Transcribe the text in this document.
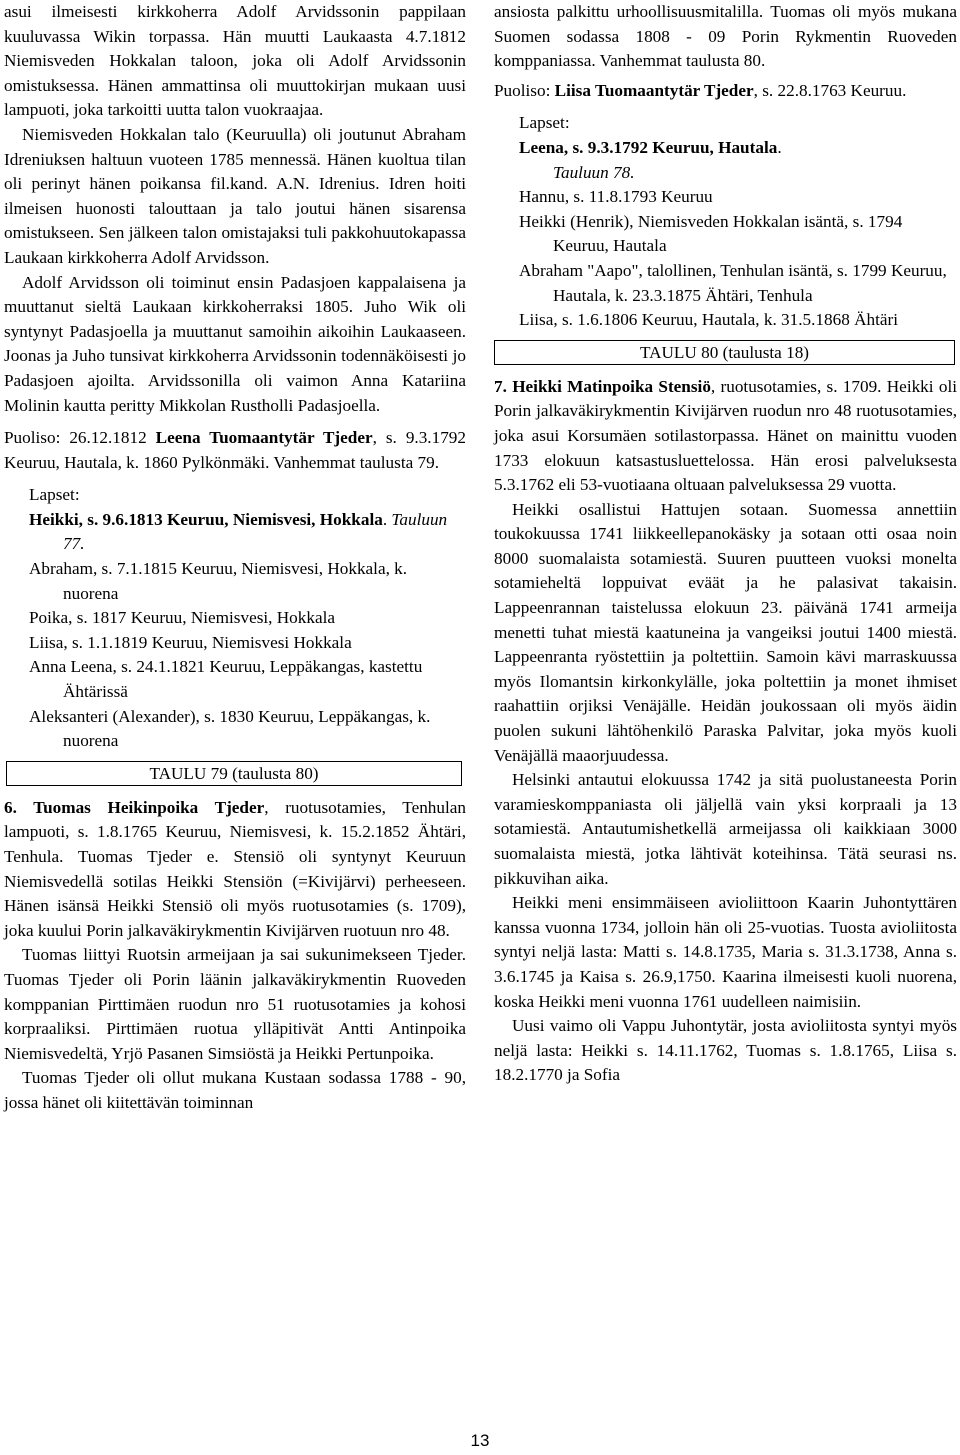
asui ilmeisesti kirkkoherra Adolf Arvidssonin pappilaan kuuluvassa Wikin torpassa. Hän muutti Laukaasta 4.7.1812 Niemisveden Hokkalan taloon, joka oli Adolf Arvidssonin omistuksessa. Hänen ammattinsa oli muuttokirjan mukaan uusi lampuoti, joka tarkoitti uutta talon vuokraajaa.

Niemisveden Hokkalan talo (Keuruulla) oli joutunut Abraham Idreniuksen haltuun vuoteen 1785 mennessä. Hänen kuoltua tilan oli perinyt hänen poikansa fil.kand. A.N. Idrenius. Idren hoiti ilmeisen huonosti talouttaan ja talo joutui hänen sisarensa omistukseen. Sen jälkeen talon omistajaksi tuli pakkohuutokapassa Laukaan kirkkoherra Adolf Arvidsson.

Adolf Arvidsson oli toiminut ensin Padasjoen kappalaisena ja muuttanut sieltä Laukaan kirkkoherraksi 1805. Juho Wik oli syntynyt Padasjoella ja muuttanut samoihin aikoihin Laukaaseen. Joonas ja Juho tunsivat kirkkoherra Arvidssonin todennäköisesti jo Padasjoen ajoilta. Arvidssonilla oli vaimon Anna Katariina Molinin kautta peritty Mikkolan Rustholli Padasjoella.

Puoliso: 26.12.1812 Leena Tuomaantytär Tjeder, s. 9.3.1792 Keuruu, Hautala, k. 1860 Pylkönmäki. Vanhemmat taulusta 79.

Lapset:

Heikki, s. 9.6.1813 Keuruu, Niemisvesi, Hokkala. Tauluun 77.

Abraham, s. 7.1.1815 Keuruu, Niemisvesi, Hokkala, k. nuorena

Poika, s. 1817 Keuruu, Niemisvesi, Hokkala

Liisa, s. 1.1.1819 Keuruu, Niemisvesi Hokkala

Anna Leena, s. 24.1.1821 Keuruu, Leppäkangas, kastettu Ähtärissä

Aleksanteri (Alexander), s. 1830 Keuruu, Leppäkangas, k. nuorena

TAULU 79 (taulusta 80)

6. Tuomas Heikinpoika Tjeder, ruotusotamies, Tenhulan lampuoti, s. 1.8.1765 Keuruu, Niemisvesi, k. 15.2.1852 Ähtäri, Tenhula. Tuomas Tjeder e. Stensiö oli syntynyt Keuruun Niemisvedellä sotilas Heikki Stensiön (=Kivijärvi) perheeseen. Hänen isänsä Heikki Stensiö oli myös ruotusotamies (s. 1709), joka kuului Porin jalkaväkirykmentin Kivijärven ruotuun nro 48.

Tuomas liittyi Ruotsin armeijaan ja sai sukunimekseen Tjeder. Tuomas Tjeder oli Porin läänin jalkaväkirykmentin Ruoveden komppanian Pirttimäen ruodun nro 51 ruotusotamies ja kohosi korpraaliksi. Pirttimäen ruotua ylläpitivät Antti Antinpoika Niemisvedeltä, Yrjö Pasanen Simsiöstä ja Heikki Pertunpoika.

Tuomas Tjeder oli ollut mukana Kustaan sodassa 1788 - 90, jossa hänet oli kiitettävän toiminnan

ansiosta palkittu urhoollisuusmitalilla. Tuomas oli myös mukana Suomen sodassa 1808 - 09 Porin Rykmentin Ruoveden komppaniassa. Vanhemmat taulusta 80.

Puoliso: Liisa Tuomaantytär Tjeder, s. 22.8.1763 Keuruu.

Lapset:

Leena, s. 9.3.1792 Keuruu, Hautala.
Tauluun 78.

Hannu, s. 11.8.1793 Keuruu

Heikki (Henrik), Niemisveden Hokkalan isäntä, s. 1794 Keuruu, Hautala

Abraham "Aapo", talollinen, Tenhulan isäntä, s. 1799 Keuruu, Hautala, k. 23.3.1875 Ähtäri, Tenhula

Liisa, s. 1.6.1806 Keuruu, Hautala, k. 31.5.1868 Ähtäri

TAULU 80 (taulusta 18)

7. Heikki Matinpoika Stensiö, ruotusotamies, s. 1709. Heikki oli Porin jalkaväkirykmentin Kivijärven ruodun nro 48 ruotusotamies, joka asui Korsumäen sotilastorpassa. Hänet on mainittu vuoden 1733 elokuun katsastusluettelossa. Hän erosi palveluksesta 5.3.1762 eli 53-vuotiaana oltuaan palveluksessa 29 vuotta.

Heikki osallistui Hattujen sotaan. Suomessa annettiin toukokuussa 1741 liikkeellepanokäsky ja sotaan otti osaa noin 8000 suomalaista sotamiestä. Suuren puutteen vuoksi monelta sotamieheltä loppuivat eväät ja he palasivat takaisin. Lappeenrannan taistelussa elokuun 23. päivänä 1741 armeija menetti tuhat miestä kaatuneina ja vangeiksi joutui 1400 miestä. Lappeenranta ryöstettiin ja poltettiin. Samoin kävi marraskuussa myös Ilomantsin kirkonkylälle, joka poltettiin ja monet ihmiset raahattiin orjiksi Venäjälle. Heidän joukossaan oli myös äidin puolen sukuni lähtöhenkilö Paraska Palvitar, joka myös kuoli Venäjällä maaorjuudessa.

Helsinki antautui elokuussa 1742 ja sitä puolustaneesta Porin varamieskomppaniasta oli jäljellä vain yksi korpraali ja 13 sotamiestä. Antautumishetkellä armeijassa oli kaikkiaan 3000 suomalaista miestä, jotka lähtivät koteihinsa. Tätä seurasi ns. pikkuvihan aika.

Heikki meni ensimmäiseen avioliittoon Kaarin Juhontyttären kanssa vuonna 1734, jolloin hän oli 25-vuotias. Tuosta avioliitosta syntyi neljä lasta: Matti s. 14.8.1735, Maria s. 31.3.1738, Anna s. 3.6.1745 ja Kaisa s. 26.9,1750. Kaarina ilmeisesti kuoli nuorena, koska Heikki meni vuonna 1761 uudelleen naimisiin.

Uusi vaimo oli Vappu Juhontytär, josta avioliitosta syntyi myös neljä lasta: Heikki s. 14.11.1762, Tuomas s. 1.8.1765, Liisa s. 18.2.1770 ja Sofia

13
